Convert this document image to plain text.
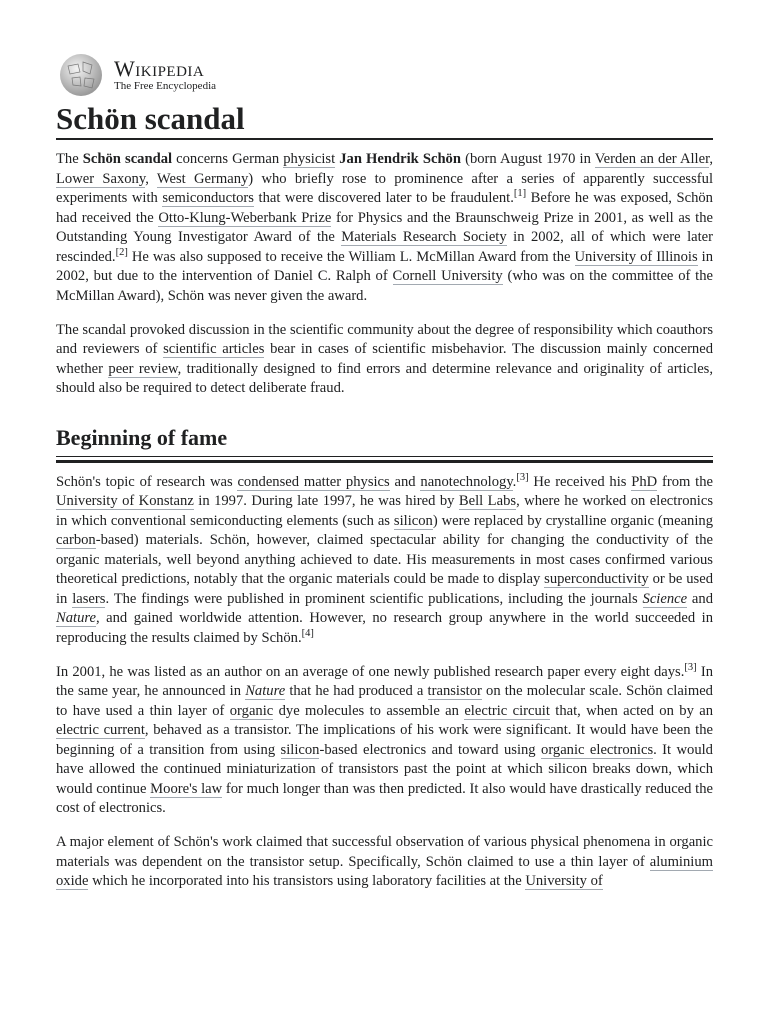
Wikipedia
The Free Encyclopedia
Schön scandal

The Schön scandal concerns German physicist Jan Hendrik Schön (born August 1970 in Verden an der Aller, Lower Saxony, West Germany) who briefly rose to prominence after a series of apparently successful experiments with semiconductors that were discovered later to be fraudulent.[1] Before he was exposed, Schön had received the Otto-Klung-Weberbank Prize for Physics and the Braunschweig Prize in 2001, as well as the Outstanding Young Investigator Award of the Materials Research Society in 2002, all of which were later rescinded.[2] He was also supposed to receive the William L. McMillan Award from the University of Illinois in 2002, but due to the intervention of Daniel C. Ralph of Cornell University (who was on the committee of the McMillan Award), Schön was never given the award.

The scandal provoked discussion in the scientific community about the degree of responsibility which coauthors and reviewers of scientific articles bear in cases of scientific misbehavior. The discussion mainly concerned whether peer review, traditionally designed to find errors and determine relevance and originality of articles, should also be required to detect deliberate fraud.

Beginning of fame

Schön's topic of research was condensed matter physics and nanotechnology.[3] He received his PhD from the University of Konstanz in 1997. During late 1997, he was hired by Bell Labs, where he worked on electronics in which conventional semiconducting elements (such as silicon) were replaced by crystalline organic (meaning carbon-based) materials. Schön, however, claimed spectacular ability for changing the conductivity of the organic materials, well beyond anything achieved to date. His measurements in most cases confirmed various theoretical predictions, notably that the organic materials could be made to display superconductivity or be used in lasers. The findings were published in prominent scientific publications, including the journals Science and Nature, and gained worldwide attention. However, no research group anywhere in the world succeeded in reproducing the results claimed by Schön.[4]

In 2001, he was listed as an author on an average of one newly published research paper every eight days.[3] In the same year, he announced in Nature that he had produced a transistor on the molecular scale. Schön claimed to have used a thin layer of organic dye molecules to assemble an electric circuit that, when acted on by an electric current, behaved as a transistor. The implications of his work were significant. It would have been the beginning of a transition from using silicon-based electronics and toward using organic electronics. It would have allowed the continued miniaturization of transistors past the point at which silicon breaks down, which would continue Moore's law for much longer than was then predicted. It also would have drastically reduced the cost of electronics.

A major element of Schön's work claimed that successful observation of various physical phenomena in organic materials was dependent on the transistor setup. Specifically, Schön claimed to use a thin layer of aluminium oxide which he incorporated into his transistors using laboratory facilities at the University of
